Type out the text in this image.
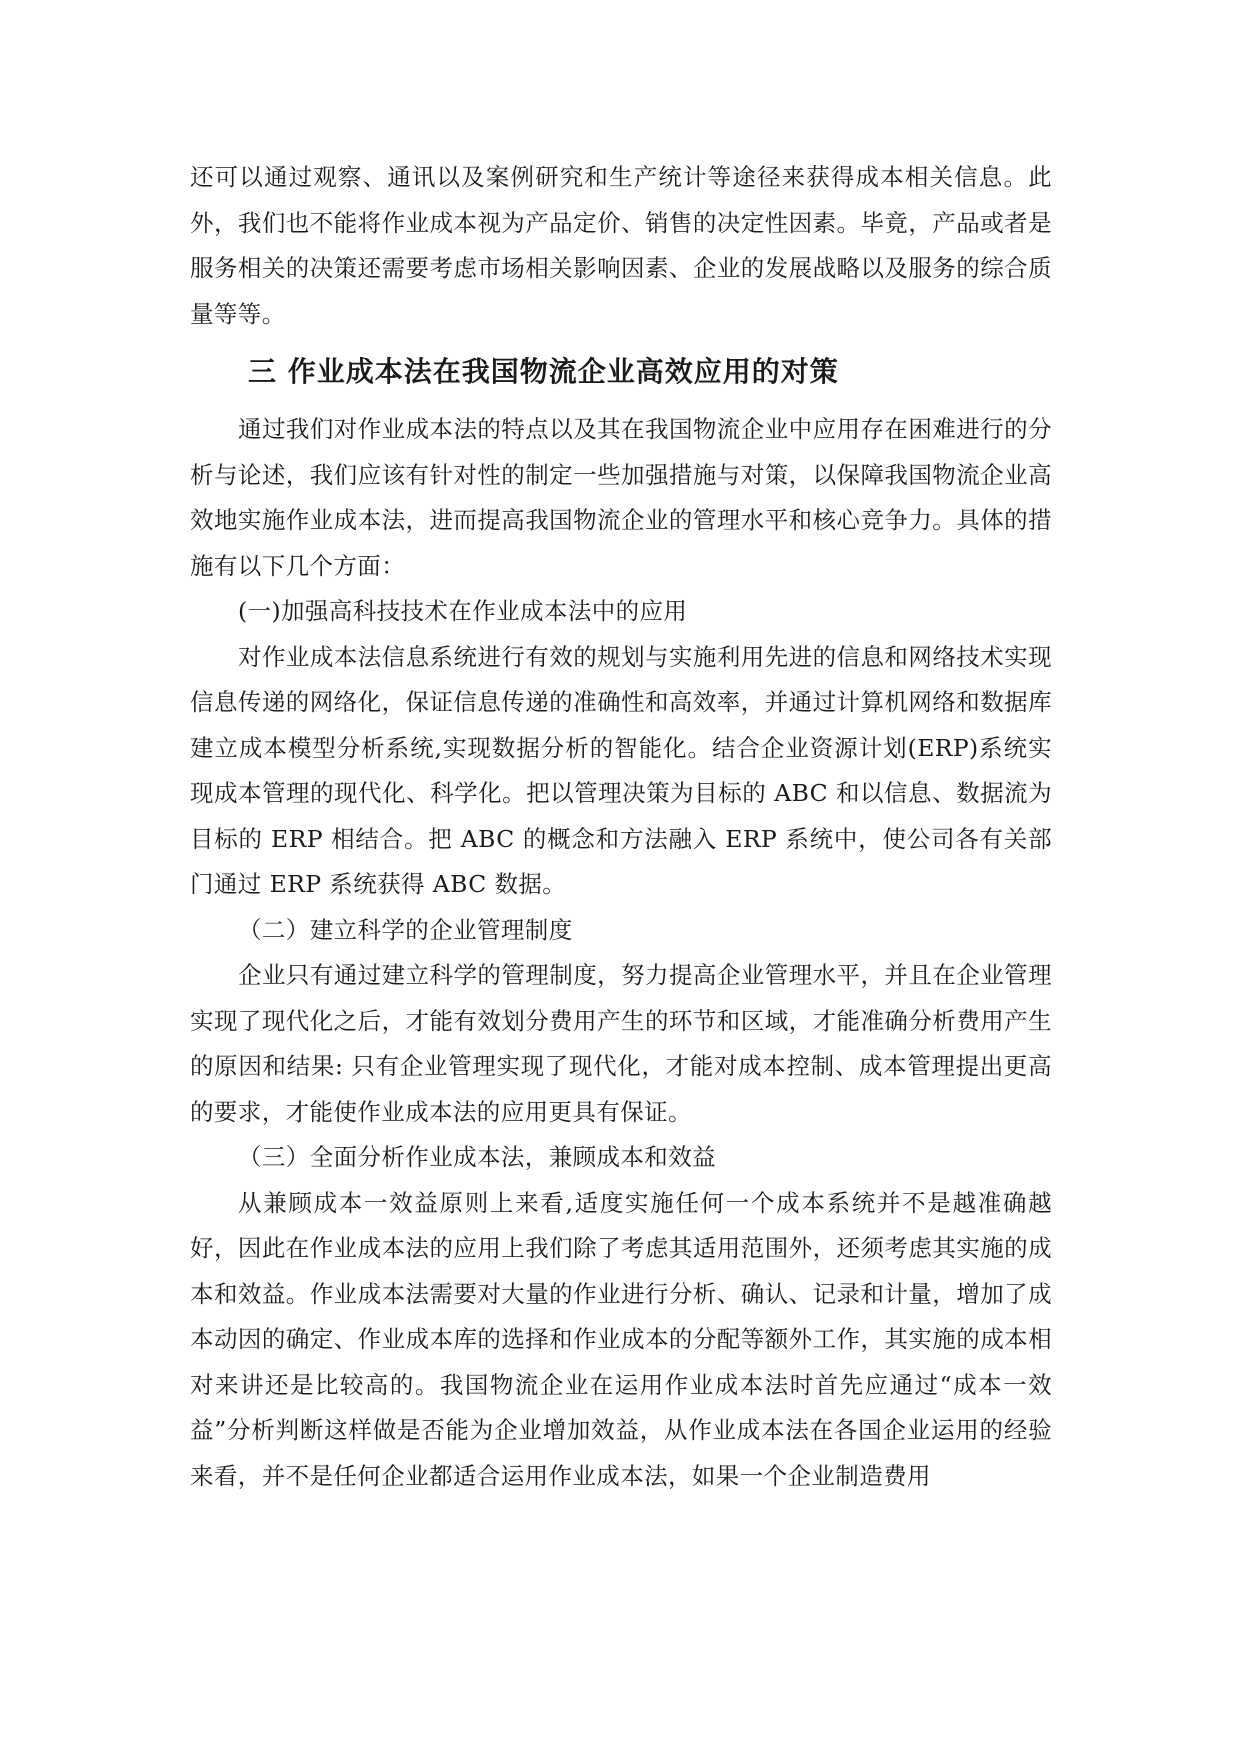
还可以通过观察、通讯以及案例研究和生产统计等途径来获得成本相关信息。此外，我们也不能将作业成本视为产品定价、销售的决定性因素。毕竟，产品或者是服务相关的决策还需要考虑市场相关影响因素、企业的发展战略以及服务的综合质量等等。

三 作业成本法在我国物流企业高效应用的对策

通过我们对作业成本法的特点以及其在我国物流企业中应用存在困难进行的分析与论述，我们应该有针对性的制定一些加强措施与对策，以保障我国物流企业高效地实施作业成本法，进而提高我国物流企业的管理水平和核心竞争力。具体的措施有以下几个方面：

(一)加强高科技技术在作业成本法中的应用

对作业成本法信息系统进行有效的规划与实施利用先进的信息和网络技术实现信息传递的网络化，保证信息传递的准确性和高效率，并通过计算机网络和数据库建立成本模型分析系统,实现数据分析的智能化。结合企业资源计划(ERP)系统实现成本管理的现代化、科学化。把以管理决策为目标的 ABC 和以信息、数据流为目标的 ERP 相结合。把 ABC 的概念和方法融入 ERP 系统中，使公司各有关部门通过 ERP 系统获得 ABC 数据。

（二）建立科学的企业管理制度

企业只有通过建立科学的管理制度，努力提高企业管理水平，并且在企业管理实现了现代化之后，才能有效划分费用产生的环节和区域，才能准确分析费用产生的原因和结果: 只有企业管理实现了现代化，才能对成本控制、成本管理提出更高的要求，才能使作业成本法的应用更具有保证。

（三）全面分析作业成本法，兼顾成本和效益

从兼顾成本一效益原则上来看,适度实施任何一个成本系统并不是越准确越好，因此在作业成本法的应用上我们除了考虑其适用范围外，还须考虑其实施的成本和效益。作业成本法需要对大量的作业进行分析、确认、记录和计量，增加了成本动因的确定、作业成本库的选择和作业成本的分配等额外工作，其实施的成本相对来讲还是比较高的。我国物流企业在运用作业成本法时首先应通过“成本一效益”分析判断这样做是否能为企业增加效益，从作业成本法在各国企业运用的经验来看，并不是任何企业都适合运用作业成本法，如果一个企业制造费用
